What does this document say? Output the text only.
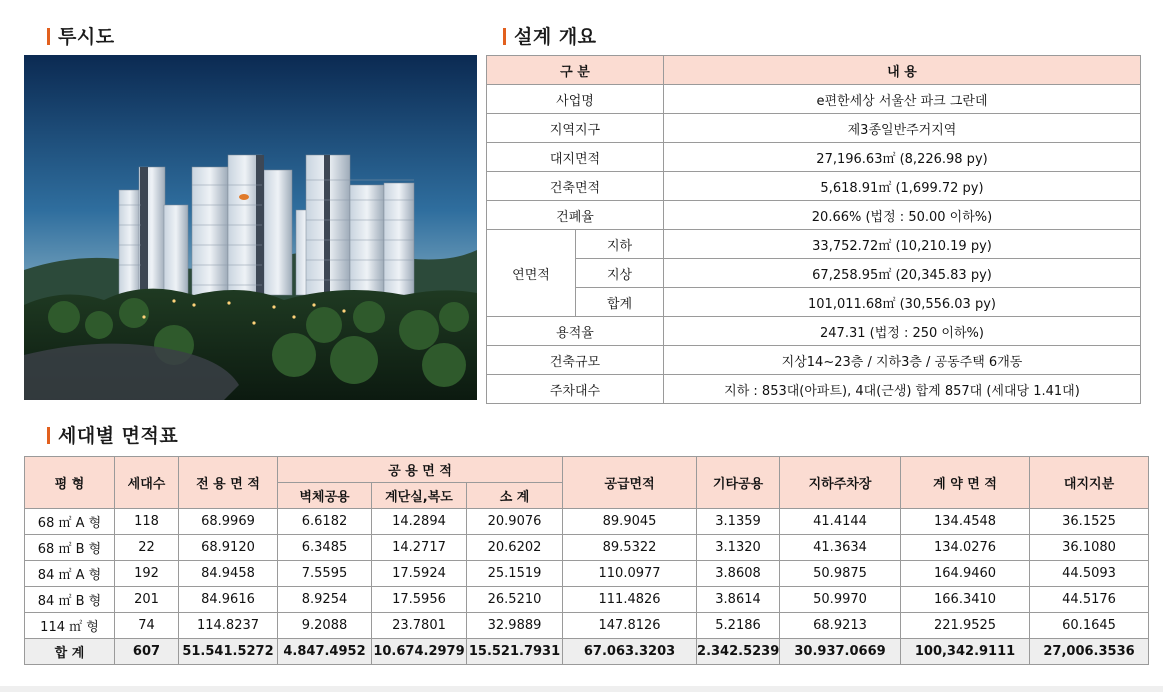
투시도	설계 개요
세대별 면적표
구 분		내 용
사업명		e편한세상 서울산 파크 그란데
지역지구		제3종일반주거지역
대지면적		27,196.63㎡ (8,226.98 py)
건축면적		5,618.91㎡ (1,699.72 py)
건폐율		20.66% (법정 : 50.00 이하%)
연면적	지하	33,752.72㎡ (10,210.19 py)
	지상	67,258.95㎡ (20,345.83 py)
	합계	101,011.68㎡ (30,556.03 py)
용적율		247.31 (법정 : 250 이하%)
건축규모		지상14~23층 / 지하3층 / 공동주택 6개동
주차대수		지하 : 853대(아파트), 4대(근생) 합계 857대 (세대당 1.41대)
평 형	세대수	전 용 면 적	공 용 면 적			공급면적	기타공용	지하주차장	계 약 면 적	대지지분
			벽체공용	계단실,복도	소 계					
68 ㎡ A 형	118	68.9969	6.6182	14.2894	20.9076	89.9045	3.1359	41.4144	134.4548	36.1525
68 ㎡ B 형	22	68.9120	6.3485	14.2717	20.6202	89.5322	3.1320	41.3634	134.0276	36.1080
84 ㎡ A 형	192	84.9458	7.5595	17.5924	25.1519	110.0977	3.8608	50.9875	164.9460	44.5093
84 ㎡ B 형	201	84.9616	8.9254	17.5956	26.5210	111.4826	3.8614	50.9970	166.3410	44.5176
114 ㎡ 형	74	114.8237	9.2088	23.7801	32.9889	147.8126	5.2186	68.9213	221.9525	60.1645
합 계	607	51.541.5272	4.847.4952	10.674.2979	15.521.7931	67.063.3203	2.342.5239	30.937.0669	100,342.9111	27,006.3536
